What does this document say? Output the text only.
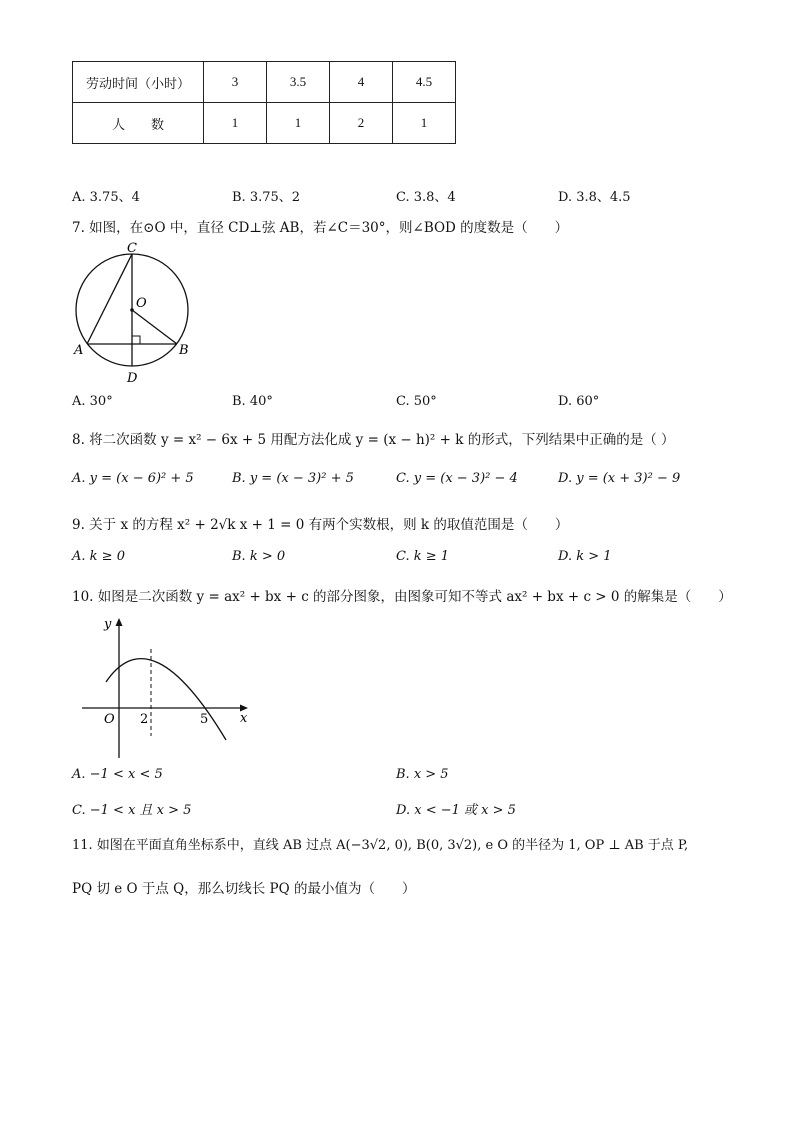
劳动时间（小时）	3	3.5	4	4.5
人　　数	1	1	2	1
A. 3.75、4	B. 3.75、2	C. 3.8、4	D. 3.8、4.5
7. 如图，在⊙O 中，直径 CD⊥弦 AB，若∠C＝30°，则∠BOD 的度数是（　　）
C
O
A	B
D
A. 30°	B. 40°	C. 50°	D. 60°
8. 将二次函数 y = x² − 6x + 5 用配方法化成 y = (x − h)² + k 的形式，下列结果中正确的是（ ）
A. y = (x − 6)² + 5	B. y = (x − 3)² + 5	C. y = (x − 3)² − 4	D. y = (x + 3)² − 9
9. 关于 x 的方程 x² + 2√k x + 1 = 0 有两个实数根，则 k 的取值范围是（　　）
A. k ≥ 0	B. k > 0	C. k ≥ 1	D. k > 1
10. 如图是二次函数 y = ax² + bx + c 的部分图象，由图象可知不等式 ax² + bx + c > 0 的解集是（　　）
y
x
O 2	5
A. −1 < x < 5	B. x > 5
C. −1 < x 且 x > 5	D. x < −1 或 x > 5
11. 如图在平面直角坐标系中，直线 AB 过点 A(−3√2, 0), B(0, 3√2), e O 的半径为 1, OP ⊥ AB 于点 P,
PQ 切 e O 于点 Q，那么切线长 PQ 的最小值为（　　）
